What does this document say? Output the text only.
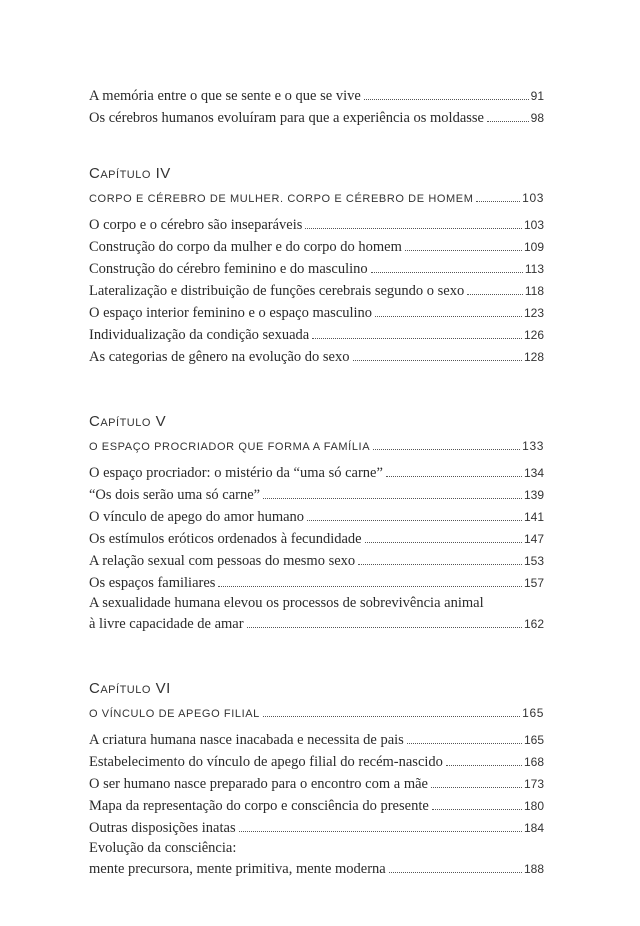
A memória entre o que se sente e o que se vive	91
Os cérebros humanos evoluíram para que a experiência os moldasse	98
Capítulo IV
CORPO E CÉREBRO DE MULHER. CORPO E CÉREBRO DE HOMEM	103
O corpo e o cérebro são inseparáveis	103
Construção do corpo da mulher e do corpo do homem	109
Construção do cérebro feminino e do masculino	113
Lateralização e distribuição de funções cerebrais segundo o sexo	118
O espaço interior feminino e o espaço masculino	123
Individualização da condição sexuada	126
As categorias de gênero na evolução do sexo	128
Capítulo V
O ESPAÇO PROCRIADOR QUE FORMA A FAMÍLIA	133
O espaço procriador: o mistério da “uma só carne”	134
“Os dois serão uma só carne”	139
O vínculo de apego do amor humano	141
Os estímulos eróticos ordenados à fecundidade	147
A relação sexual com pessoas do mesmo sexo	153
Os espaços familiares	157
A sexualidade humana elevou os processos de sobrevivência animal
à livre capacidade de amar	162
Capítulo VI
O VÍNCULO DE APEGO FILIAL	165
A criatura humana nasce inacabada e necessita de pais	165
Estabelecimento do vínculo de apego filial do recém-nascido	168
O ser humano nasce preparado para o encontro com a mãe	173
Mapa da representação do corpo e consciência do presente	180
Outras disposições inatas	184
Evolução da consciência:
mente precursora, mente primitiva, mente moderna	188
